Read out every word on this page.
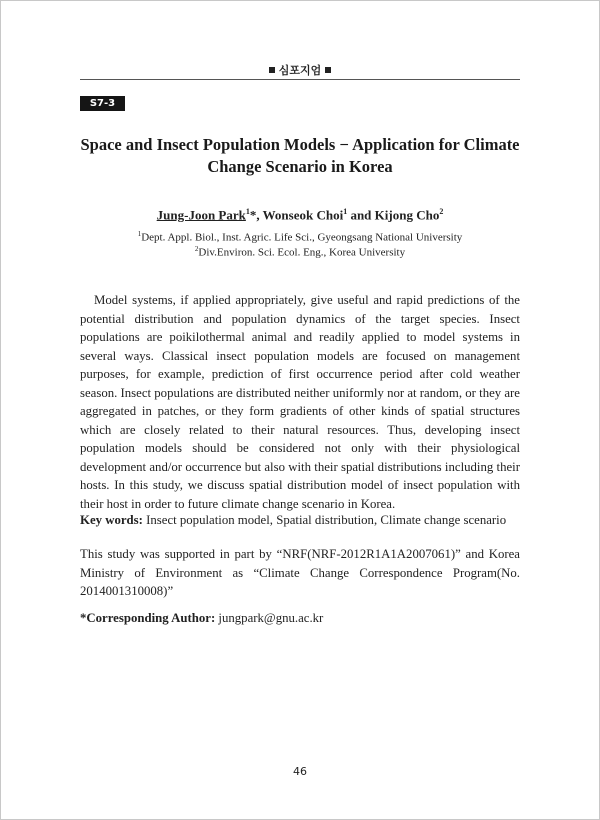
심포지엄
S7-3
Space and Insect Population Models − Application for Climate
Change Scenario in Korea
Jung-Joon Park$^1$*, Wonseok Choi$^1$ and Kijong Cho$^2$
$^1$Dept. Appl. Biol., Inst. Agric. Life Sci., Gyeongsang National University
$^2$Div.Environ. Sci. Ecol. Eng., Korea University

Model systems, if applied appropriately, give useful and rapid predictions of the potential distribution and population dynamics of the target species. Insect populations are poikilothermal animal and readily applied to model systems in several ways. Classical insect population models are focused on management purposes, for example, prediction of first occurrence period after cold weather season. Insect populations are distributed neither uniformly nor at random, or they are aggregated in patches, or they form gradients of other kinds of spatial structures which are closely related to their natural resources. Thus, developing insect population models should be considered not only with their physiological development and/or occurrence but also with their spatial distributions including their hosts. In this study, we discuss spatial distribution model of insect population with their host in order to future climate change scenario in Korea.

Key words: Insect population model, Spatial distribution, Climate change scenario

This study was supported in part by “NRF(NRF-2012R1A1A2007061)” and Korea Ministry of Environment as “Climate Change Correspondence Program(No. 2014001310008)”

*Corresponding Author: jungpark@gnu.ac.kr
46
